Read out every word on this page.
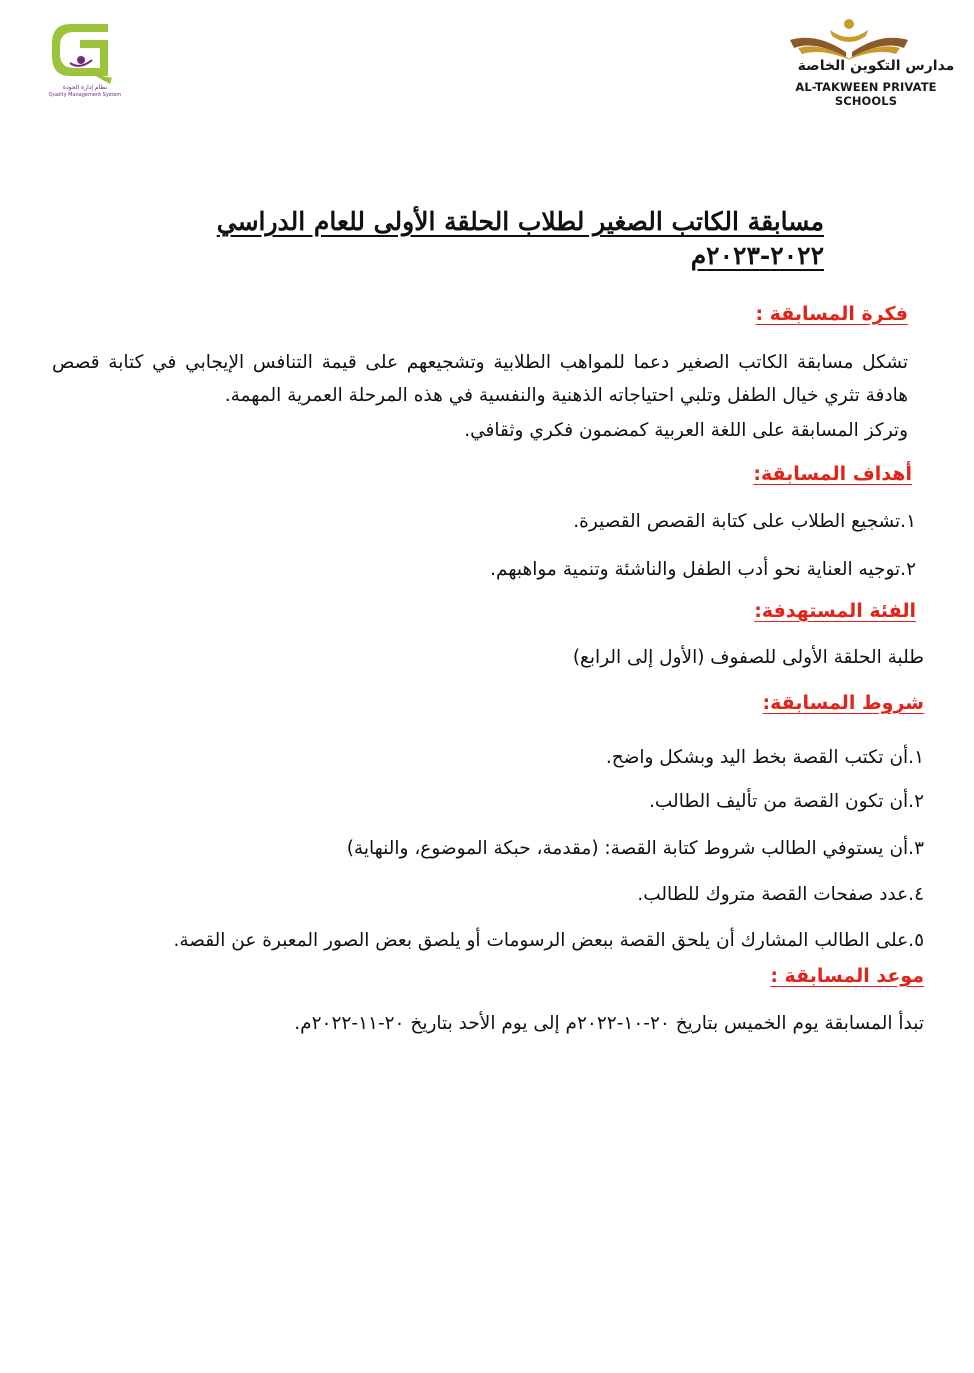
نظام إدارة الجودة
Quality Management System
مدارس التكوين الخاصة
AL-TAKWEEN PRIVATE SCHOOLS
مسابقة الكاتب الصغير لطلاب الحلقة الأولى للعام الدراسي ٢٠٢٢-٢٠٢٣م
فكرة المسابقة :
تشكل مسابقة الكاتب الصغير دعما للمواهب الطلابية وتشجيعهم على قيمة التنافس الإيجابي في كتابة قصص هادفة تثري خيال الطفل وتلبي احتياجاته الذهنية والنفسية في هذه المرحلة العمرية المهمة.
وتركز المسابقة على اللغة العربية كمضمون فكري وثقافي.
أهداف المسابقة:
١.تشجيع الطلاب على كتابة القصص القصيرة.
٢.توجيه العناية نحو أدب الطفل والناشئة وتنمية مواهبهم.
الفئة المستهدفة:
طلبة الحلقة الأولى للصفوف (الأول إلى الرابع)
شروط المسابقة:
١.أن تكتب القصة بخط اليد وبشكل واضح.
٢.أن تكون القصة من تأليف الطالب.
٣.أن يستوفي الطالب شروط كتابة القصة: (مقدمة، حبكة الموضوع، والنهاية)
٤.عدد صفحات القصة متروك للطالب.
٥.على الطالب المشارك أن يلحق القصة ببعض الرسومات أو يلصق بعض الصور المعبرة عن القصة.
موعد المسابقة :
تبدأ المسابقة يوم الخميس بتاريخ ٢٠-١٠-٢٠٢٢م إلى يوم الأحد بتاريخ ٢٠-١١-٢٠٢٢م.
